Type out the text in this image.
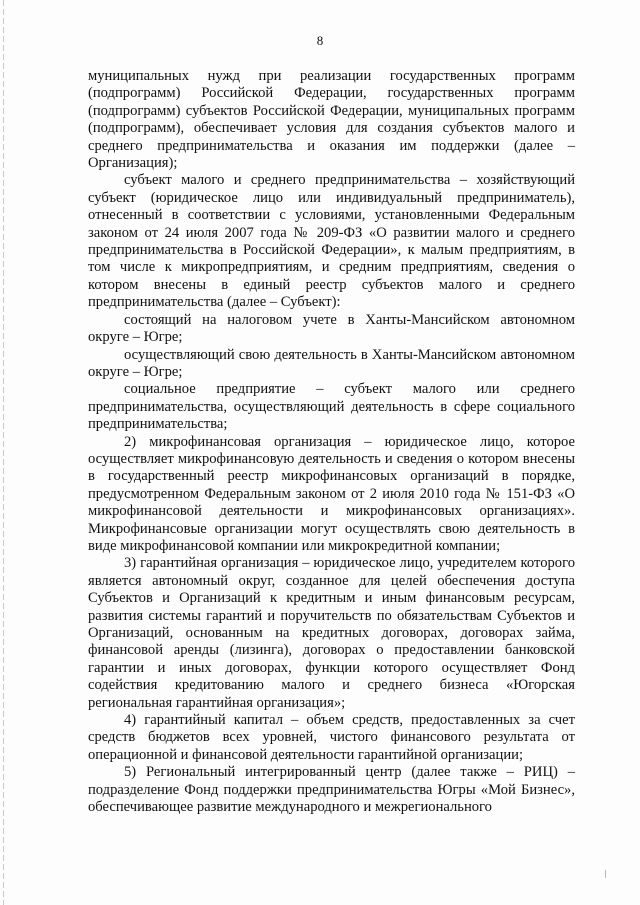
8

муниципальных нужд при реализации государственных программ (подпрограмм) Российской Федерации, государственных программ (подпрограмм) субъектов Российской Федерации, муниципальных программ (подпрограмм), обеспечивает условия для создания субъектов малого и среднего предпринимательства и оказания им поддержки (далее – Организация);

субъект малого и среднего предпринимательства – хозяйствующий субъект (юридическое лицо или индивидуальный предприниматель), отнесенный в соответствии с условиями, установленными Федеральным законом от 24 июля 2007 года № 209-ФЗ «О развитии малого и среднего предпринимательства в Российской Федерации», к малым предприятиям, в том числе к микропредприятиям, и средним предприятиям, сведения о котором внесены в единый реестр субъектов малого и среднего предпринимательства (далее – Субъект):

состоящий на налоговом учете в Ханты-Мансийском автономном округе – Югре;

осуществляющий свою деятельность в Ханты-Мансийском автономном округе – Югре;

социальное предприятие – субъект малого или среднего предпринимательства, осуществляющий деятельность в сфере социального предпринимательства;

2) микрофинансовая организация – юридическое лицо, которое осуществляет микрофинансовую деятельность и сведения о котором внесены в государственный реестр микрофинансовых организаций в порядке, предусмотренном Федеральным законом от 2 июля 2010 года № 151-ФЗ «О микрофинансовой деятельности и микрофинансовых организациях». Микрофинансовые организации могут осуществлять свою деятельность в виде микрофинансовой компании или микрокредитной компании;

3) гарантийная организация – юридическое лицо, учредителем которого является автономный округ, созданное для целей обеспечения доступа Субъектов и Организаций к кредитным и иным финансовым ресурсам, развития системы гарантий и поручительств по обязательствам Субъектов и Организаций, основанным на кредитных договорах, договорах займа, финансовой аренды (лизинга), договорах о предоставлении банковской гарантии и иных договорах, функции которого осуществляет Фонд содействия кредитованию малого и среднего бизнеса «Югорская региональная гарантийная организация»;

4) гарантийный капитал – объем средств, предоставленных за счет средств бюджетов всех уровней, чистого финансового результата от операционной и финансовой деятельности гарантийной организации;

5) Региональный интегрированный центр (далее также – РИЦ) – подразделение Фонд поддержки предпринимательства Югры «Мой Бизнес», обеспечивающее развитие международного и межрегионального

∕
